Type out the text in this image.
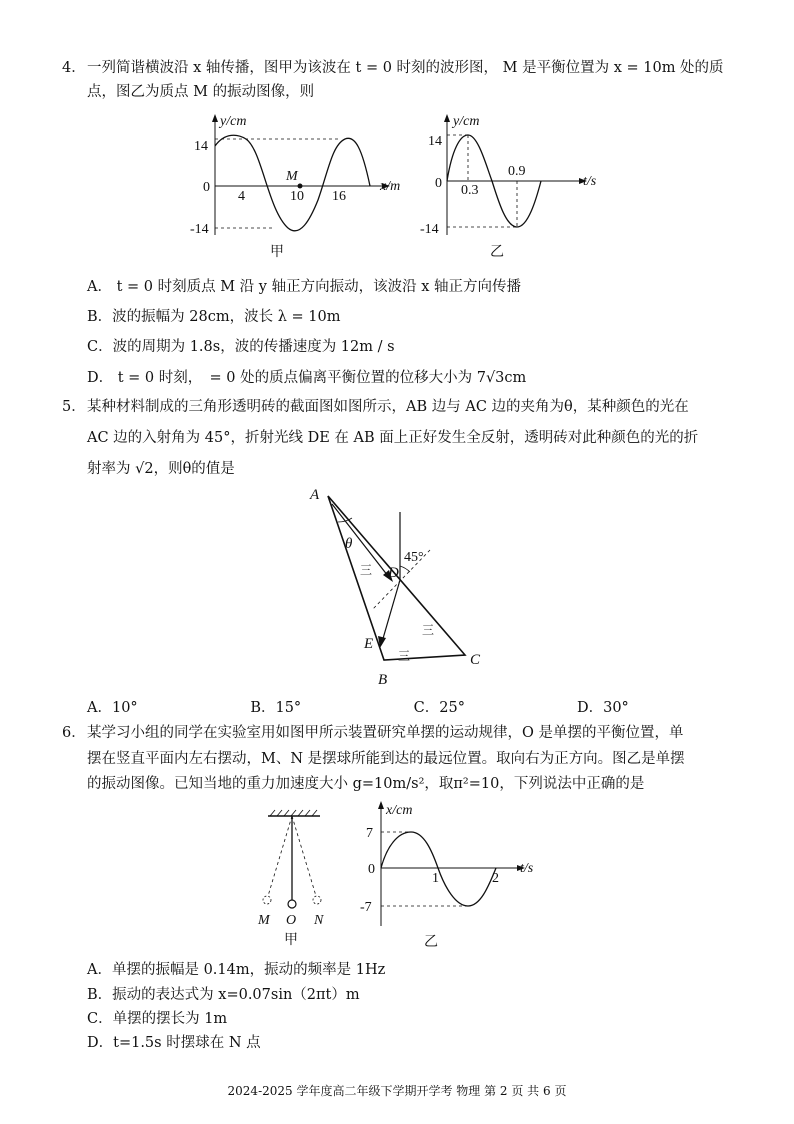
4． 一列简谐横波沿 x 轴传播，图甲为该波在 t = 0 时刻的波形图， M 是平衡位置为 x = 10m 处的质
点，图乙为质点 M 的振动图像，则
14
0
-14
y/cm
x/m
4	10 16
M
甲
14
0
-14
y/cm
t/s
0.3
0.9
乙
A． t = 0 时刻质点 M 沿 y 轴正方向振动，该波沿 x 轴正方向传播
B．波的振幅为 28cm，波长 λ = 10m
C．波的周期为 1.8s，波的传播速度为 12m / s
D． t = 0 时刻，　= 0 处的质点偏离平衡位置的位移大小为 7√3cm
5． 某种材料制成的三角形透明砖的截面图如图所示，AB 边与 AC 边的夹角为θ，某种颜色的光在
AC 边的入射角为 45°，折射光线 DE 在 AB 面上正好发生全反射，透明砖对此种颜色的光的折
射率为 √2，则θ的值是
A
B
C
D
E
θ
45°
三
三
三
A．10°	B．15°	C．25°	D．30°
6． 某学习小组的同学在实验室用如图甲所示装置研究单摆的运动规律，O 是单摆的平衡位置，单
摆在竖直平面内左右摆动，M、N 是摆球所能到达的最远位置。取向右为正方向。图乙是单摆
的振动图像。已知当地的重力加速度大小 g=10m/s²，取π²=10，下列说法中正确的是
M O N
甲
x/cm
7
0
-7
1	2
t/s
乙
A．单摆的振幅是 0.14m，振动的频率是 1Hz
B．振动的表达式为 x=0.07sin（2πt）m
C．单摆的摆长为 1m
D．t=1.5s 时摆球在 N 点
2024-2025 学年度高二年级下学期开学考 物理 第 2 页 共 6 页
